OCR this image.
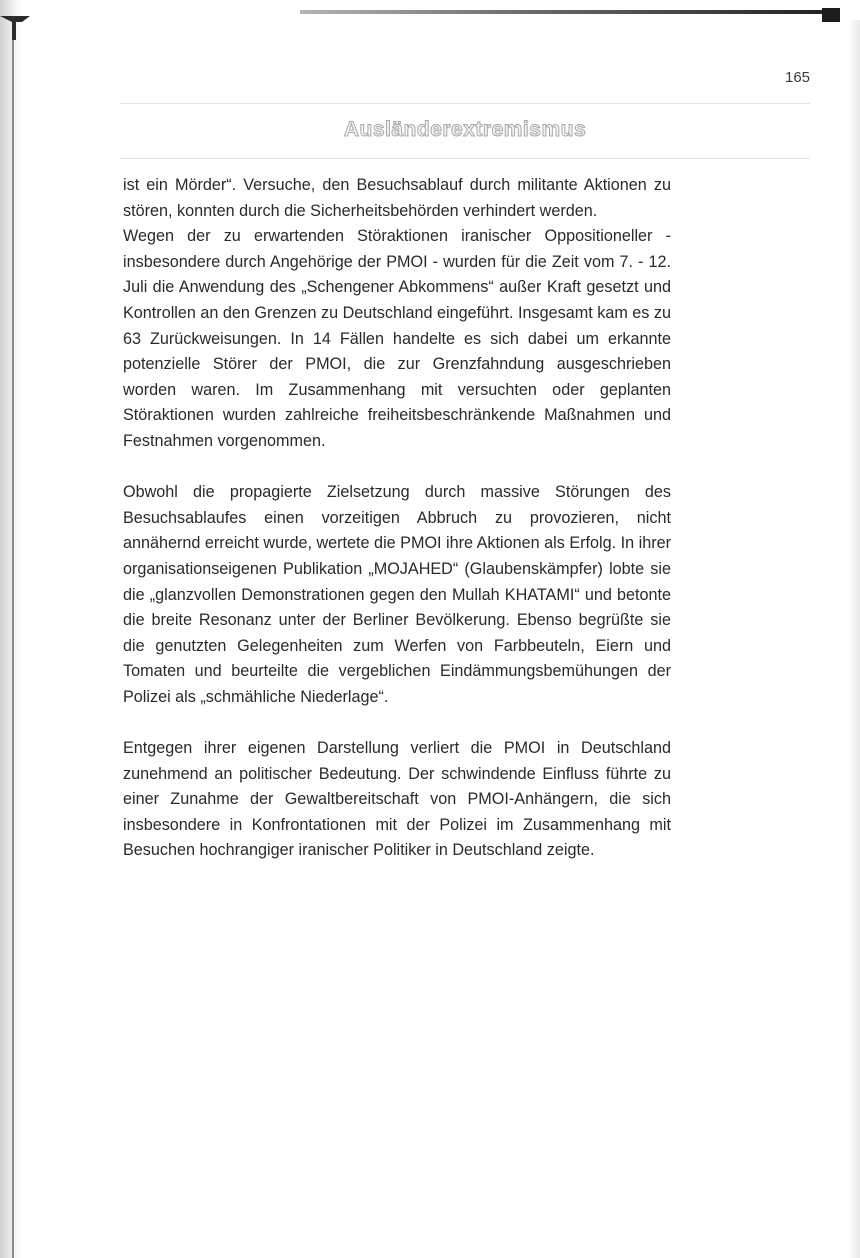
165
Ausländerextremismus

ist ein Mörder“. Versuche, den Besuchsablauf durch militante Aktionen zu stören, konnten durch die Sicherheitsbehörden verhindert werden.

Wegen der zu erwartenden Störaktionen iranischer Oppositioneller - insbesondere durch Angehörige der PMOI - wurden für die Zeit vom 7. - 12. Juli die Anwendung des „Schengener Abkommens“ außer Kraft gesetzt und Kontrollen an den Grenzen zu Deutschland eingeführt. Insgesamt kam es zu 63 Zurückweisungen. In 14 Fällen handelte es sich dabei um erkannte potenzielle Störer der PMOI, die zur Grenzfahndung ausgeschrieben worden waren. Im Zusammenhang mit versuchten oder geplanten Störaktionen wurden zahlreiche freiheitsbeschränkende Maßnahmen und Festnahmen vorgenommen.

Obwohl die propagierte Zielsetzung durch massive Störungen des Besuchsablaufes einen vorzeitigen Abbruch zu provozieren, nicht annähernd erreicht wurde, wertete die PMOI ihre Aktionen als Erfolg. In ihrer organisationseigenen Publikation „MOJAHED“ (Glaubenskämpfer) lobte sie die „glanzvollen Demonstrationen gegen den Mullah KHATAMI“ und betonte die breite Resonanz unter der Berliner Bevölkerung. Ebenso begrüßte sie die genutzten Gelegenheiten zum Werfen von Farbbeuteln, Eiern und Tomaten und beurteilte die vergeblichen Eindämmungsbemühungen der Polizei als „schmähliche Niederlage“.

Entgegen ihrer eigenen Darstellung verliert die PMOI in Deutschland zunehmend an politischer Bedeutung. Der schwindende Einfluss führte zu einer Zunahme der Gewaltbereitschaft von PMOI-Anhängern, die sich insbesondere in Konfrontationen mit der Polizei im Zusammenhang mit Besuchen hochrangiger iranischer Politiker in Deutschland zeigte.
